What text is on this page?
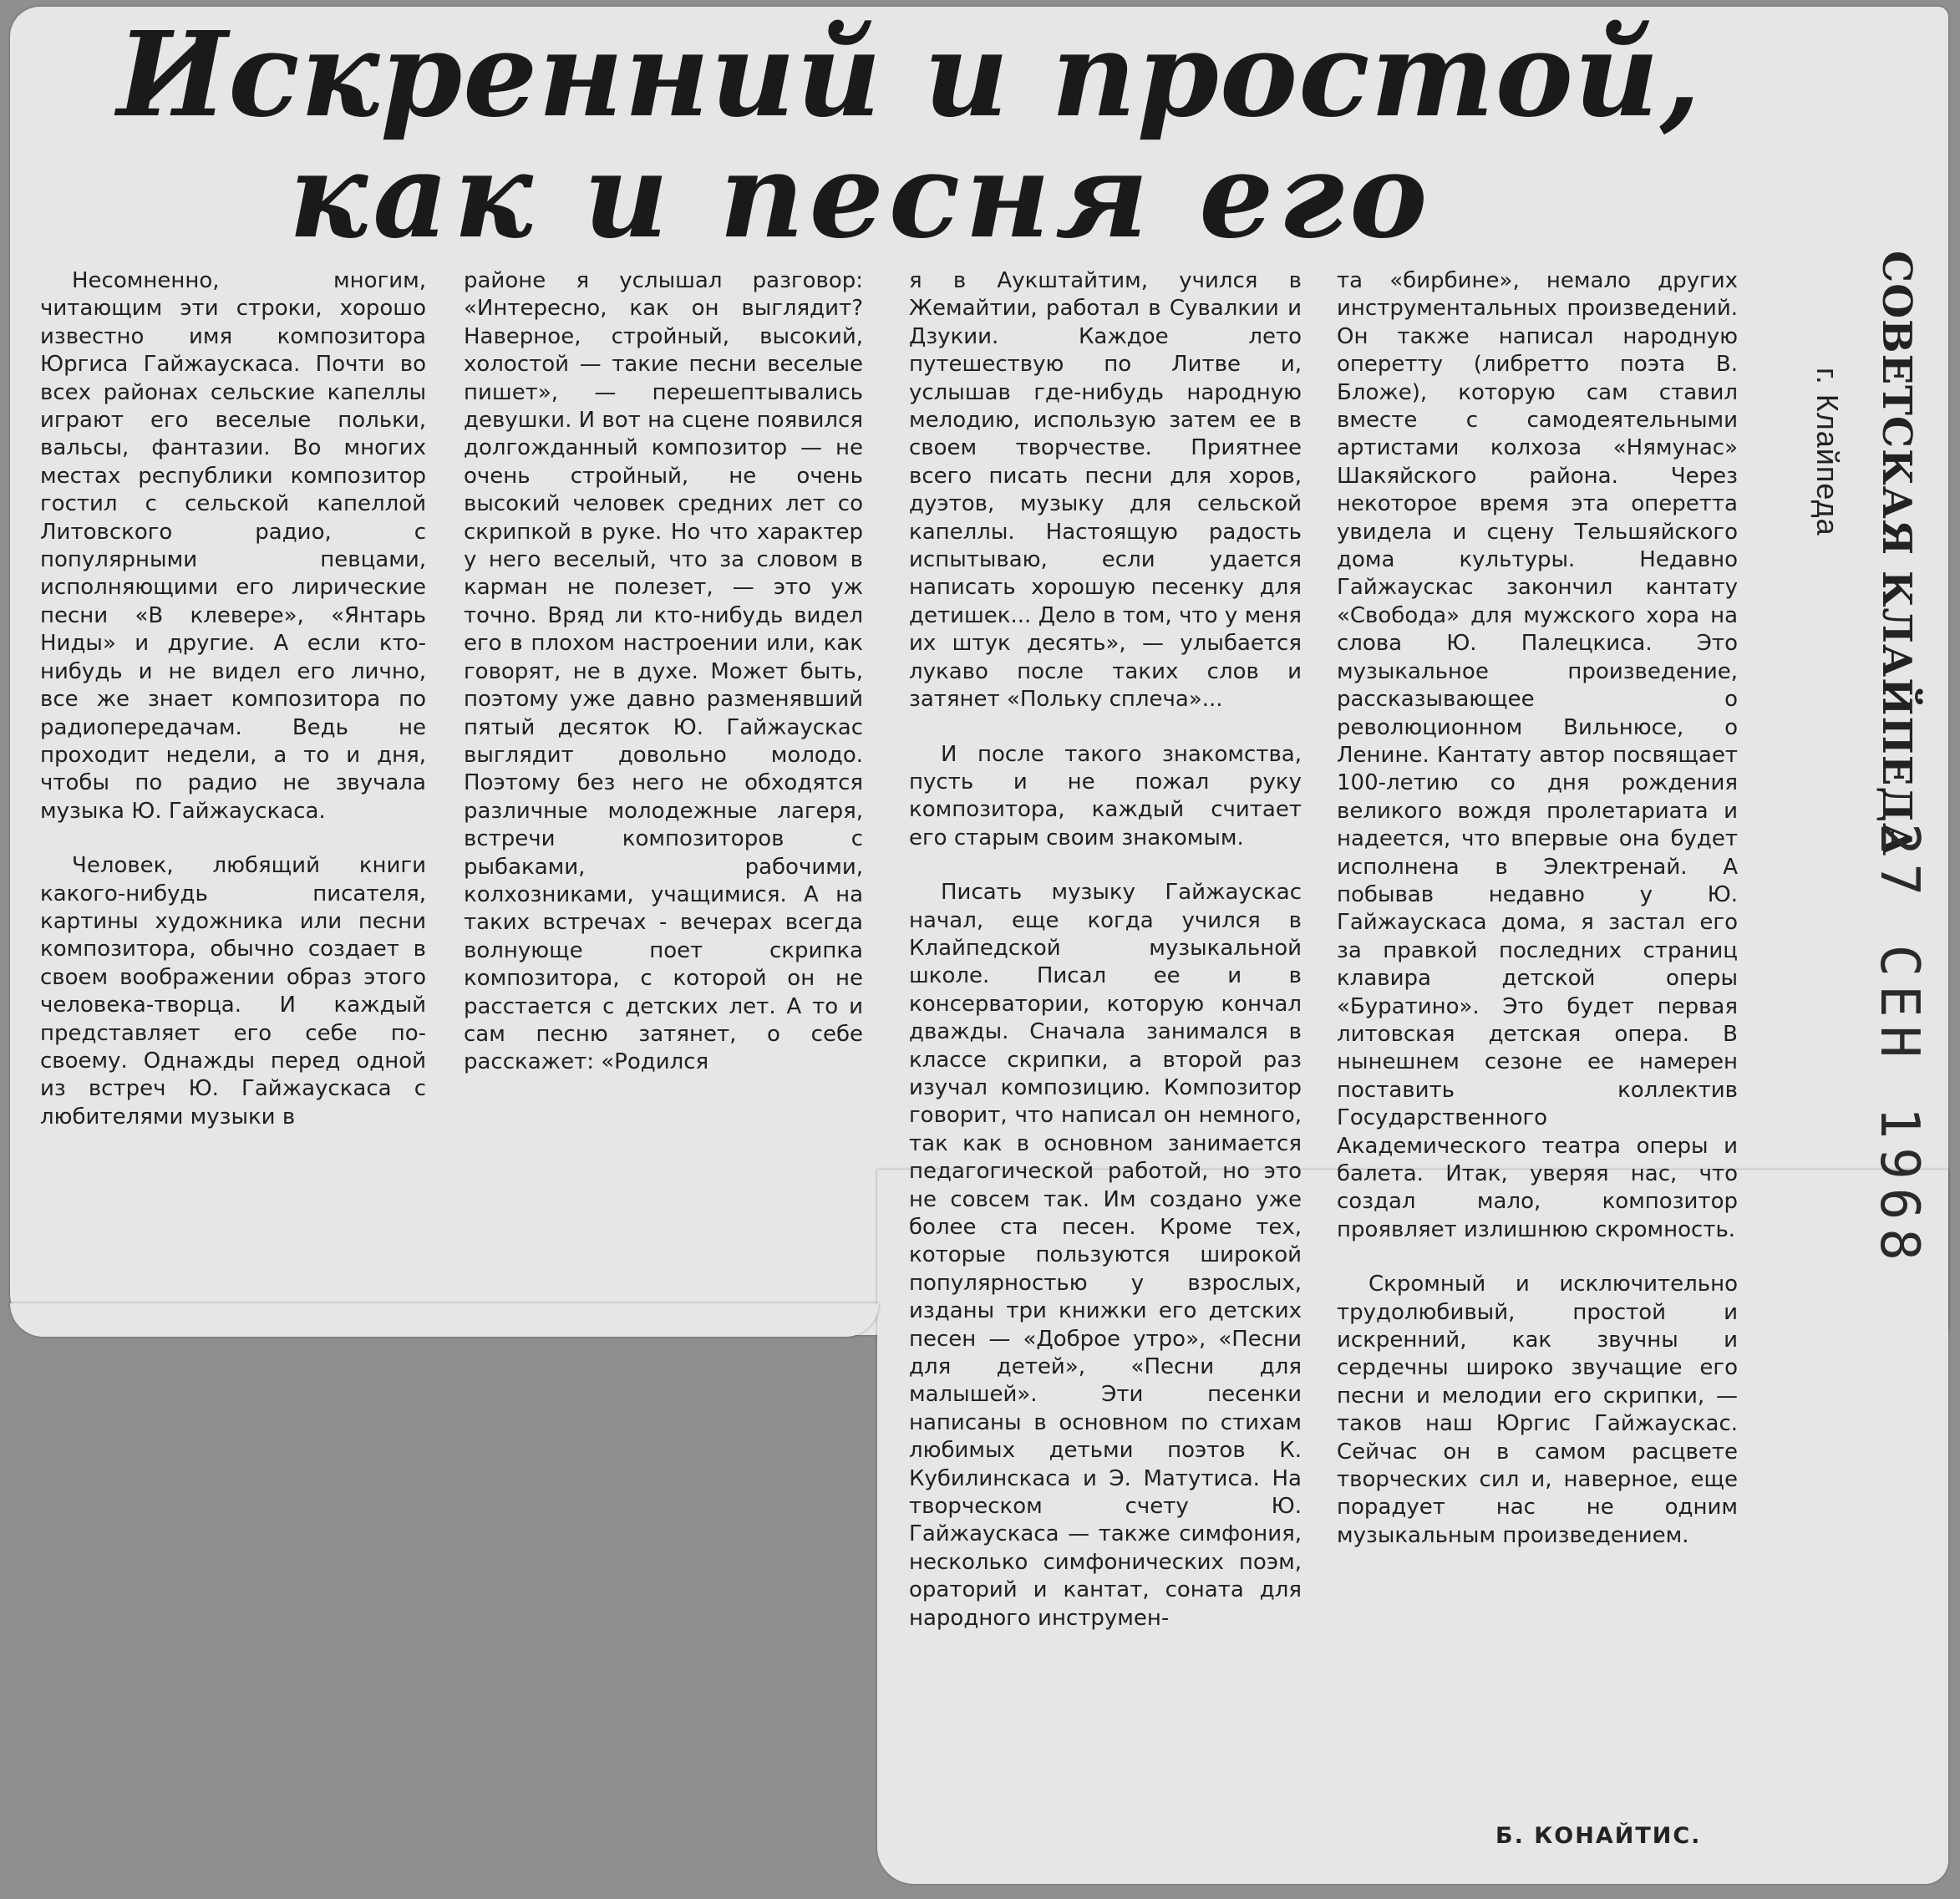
Искренний и простой,
как и песня его

Несомненно, многим, читающим эти строки, хорошо известно имя композитора Юргиса Гайжаускаса. Почти во всех районах сельские капеллы играют его веселые польки, вальсы, фантазии. Во многих местах республики композитор гостил с сельской капеллой Литовского радио, с популярными певцами, исполняющими его лирические песни «В клевере», «Янтарь Ниды» и другие. А если кто-нибудь и не видел его лично, все же знает композитора по радиопередачам. Ведь не проходит недели, а то и дня, чтобы по радио не звучала музыка Ю. Гайжаускаса.

Человек, любящий книги какого-нибудь писателя, картины художника или песни композитора, обычно создает в своем воображении образ этого человека-творца. И каждый представляет его себе по-своему. Однажды перед одной из встреч Ю. Гайжаускаса с любителями музыки в

районе я услышал разговор: «Интересно, как он выглядит? Наверное, стройный, высокий, холостой — такие песни веселые пишет», — перешептывались девушки. И вот на сцене появился долгожданный композитор — не очень стройный, не очень высокий человек средних лет со скрипкой в руке. Но что характер у него веселый, что за словом в карман не полезет, — это уж точно. Вряд ли кто-нибудь видел его в плохом настроении или, как говорят, не в духе. Может быть, поэтому уже давно разменявший пятый десяток Ю. Гайжаускас выглядит довольно молодо. Поэтому без него не обходятся различные молодежные лагеря, встречи композиторов с рыбаками, рабочими, колхозниками, учащимися. А на таких встречах - вечерах всегда волнующе поет скрипка композитора, с которой он не расстается с детских лет. А то и сам песню затянет, о себе расскажет: «Родился

я в Аукштайтим, учился в Жемайтии, работал в Сувалкии и Дзукии. Каждое лето путешествую по Литве и, услышав где-нибудь народную мелодию, использую затем ее в своем творчестве. Приятнее всего писать песни для хоров, дуэтов, музыку для сельской капеллы. Настоящую радость испытываю, если удается написать хорошую песенку для детишек... Дело в том, что у меня их штук десять», — улыбается лукаво после таких слов и затянет «Польку сплеча»...

И после такого знакомства, пусть и не пожал руку композитора, каждый считает его старым своим знакомым.

Писать музыку Гайжаускас начал, еще когда учился в Клайпедской музыкальной школе. Писал ее и в консерватории, которую кончал дважды. Сначала занимался в классе скрипки, а второй раз изучал композицию. Композитор говорит, что написал он немного, так как в основном занимается педагогической работой, но это не совсем так. Им создано уже более ста песен. Кроме тех, которые пользуются широкой популярностью у взрослых, изданы три книжки его детских песен — «Доброе утро», «Песни для детей», «Песни для малышей». Эти песенки написаны в основном по стихам любимых детьми поэтов К. Кубилинскаса и Э. Матутиса. На творческом счету Ю. Гайжаускаса — также симфония, несколько симфонических поэм, ораторий и кантат, соната для народного инструмен-

та «бирбине», немало других инструментальных произведений. Он также написал народную оперетту (либретто поэта В. Бложе), которую сам ставил вместе с самодеятельными артистами колхоза «Нямунас» Шакяйского района. Через некоторое время эта оперетта увидела и сцену Тельшяйского дома культуры. Недавно Гайжаускас закончил кантату «Свобода» для мужского хора на слова Ю. Палецкиса. Это музыкальное произведение, рассказывающее о революционном Вильнюсе, о Ленине. Кантату автор посвящает 100-летию со дня рождения великого вождя пролетариата и надеется, что впервые она будет исполнена в Электренай. А побывав недавно у Ю. Гайжаускаса дома, я застал его за правкой последних страниц клавира детской оперы «Буратино». Это будет первая литовская детская опера. В нынешнем сезоне ее намерен поставить коллектив Государственного Академического театра оперы и балета. Итак, уверяя нас, что создал мало, композитор проявляет излишнюю скромность.

Скромный и исключительно трудолюбивый, простой и искренний, как звучны и сердечны широко звучащие его песни и мелодии его скрипки, — таков наш Юргис Гайжаускас. Сейчас он в самом расцвете творческих сил и, наверное, еще порадует нас не одним музыкальным произведением.

Б. КОНАЙТИС.
СОВЕТСКАЯ КЛАЙПЕДА
г. Клайпеда
27 СЕН 1968
